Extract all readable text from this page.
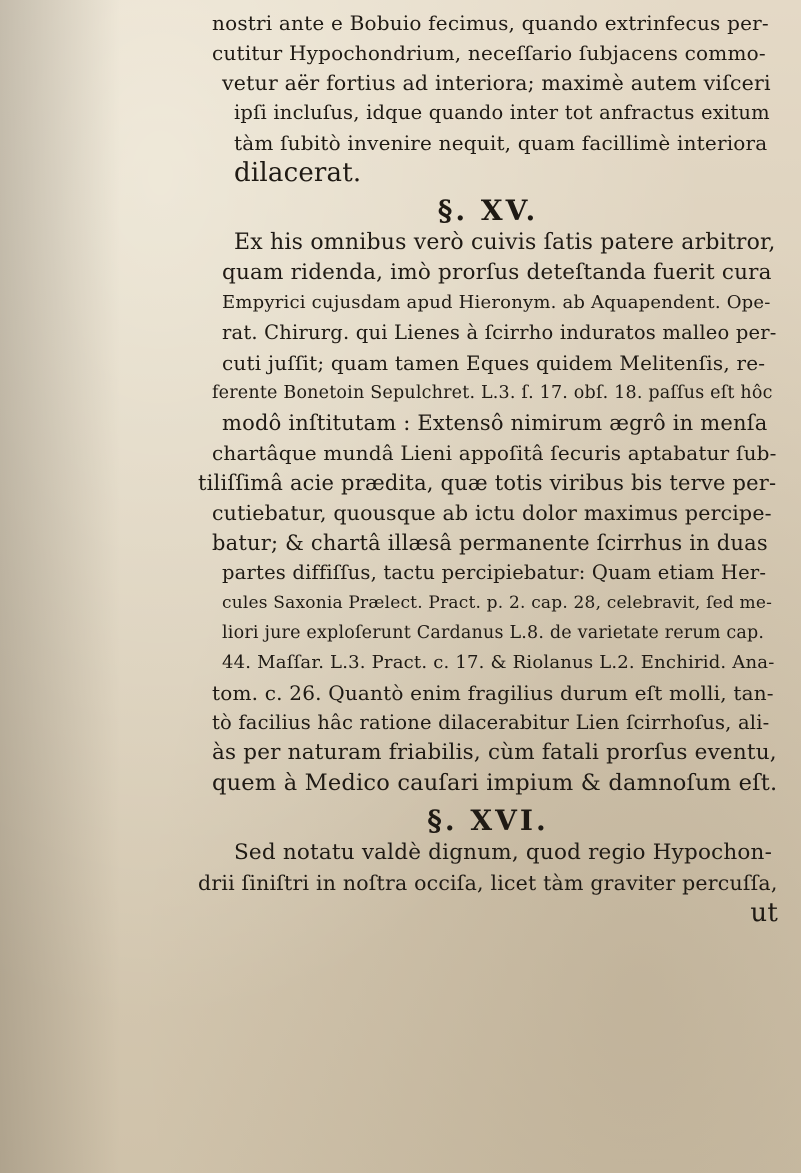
nostri ante e Bobuio fecimus, quando extrinfecus per-
cutitur Hypochondrium, neceſſario ſubjacens commo-
vetur aër fortius ad interiora; maximè autem viſceri
ipſi incluſus, idque quando inter tot anfractus exitum
tàm ſubitò invenire nequit, quam facillimè interiora
dilacerat.
§. XV.
Ex his omnibus verò cuivis ſatis patere arbitror,
quam ridenda, imò prorſus deteſtanda fuerit cura
Empyrici cujusdam apud Hieronym. ab Aquapendent. Ope-
rat. Chirurg. qui Lienes à ſcirrho induratos malleo per-
cuti juſſit; quam tamen Eques quidem Melitenſis, re-
ferente Bonetoin Sepulchret. L.3. ſ. 17. obſ. 18. paſſus eſt hôc
modô inſtitutam : Extensô nimirum ægrô in menſa
chartâque mundâ Lieni appoſitâ ſecuris aptabatur ſub-
tiliſſimâ acie prædita, quæ totis viribus bis terve per-
cutiebatur, quousque ab ictu dolor maximus percipe-
batur; & chartâ illæsâ permanente ſcirrhus in duas
partes diffiſſus, tactu percipiebatur: Quam etiam Her-
cules Saxonia Prælect. Pract. p. 2. cap. 28, celebravit, ſed me-
liori jure exploſerunt Cardanus L.8. de varietate rerum cap.
44. Maſſar. L.3. Pract. c. 17. & Riolanus L.2. Enchirid. Ana-
tom. c. 26. Quantò enim fragilius durum eſt molli, tan-
tò facilius hâc ratione dilacerabitur Lien ſcirrhoſus, ali-
às per naturam friabilis, cùm fatali prorſus eventu,
quem à Medico cauſari impium & damnoſum eſt.
§. XVI.
Sed notatu valdè dignum, quod regio Hypochon-
drii ſiniſtri in noſtra occiſa, licet tàm graviter percuſſa,
ut
